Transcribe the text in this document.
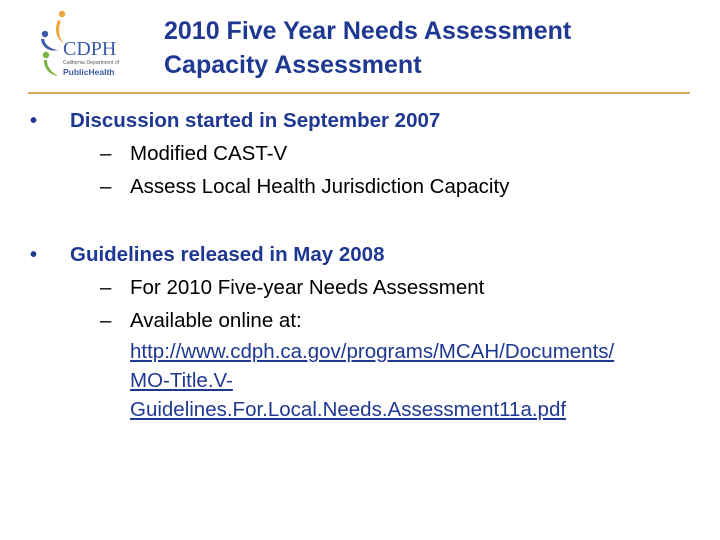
CDPH
California Department of
PublicHealth
2010 Five Year Needs Assessment
Capacity Assessment
•	Discussion started in September 2007
– Modified CAST-V
– Assess Local Health Jurisdiction Capacity
•	Guidelines released in May 2008
– For 2010 Five-year Needs Assessment
– Available online at:
http://www.cdph.ca.gov/programs/MCAH/Documents/
MO-Title.V-
Guidelines.For.Local.Needs.Assessment11a.pdf
